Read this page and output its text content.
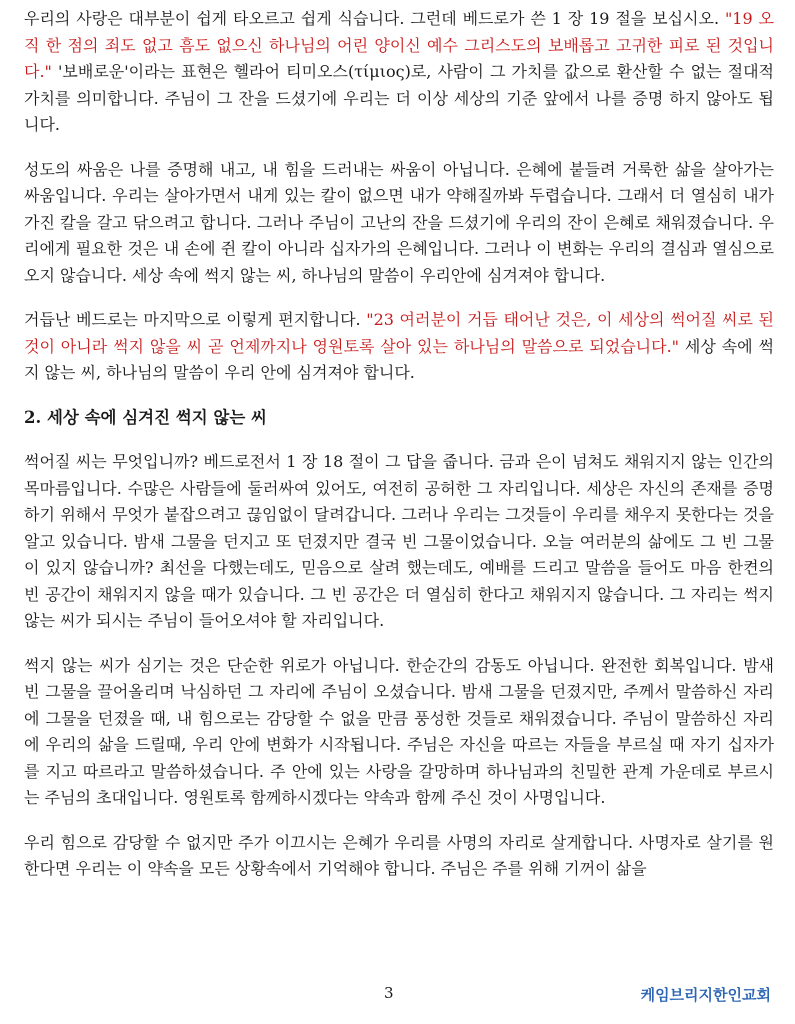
우리의 사랑은 대부분이 쉽게 타오르고 쉽게 식습니다. 그런데 베드로가 쓴 1 장 19 절을 보십시오. "19 오직 한 점의 죄도 없고 흠도 없으신 하나님의 어린 양이신 예수 그리스도의 보배롭고 고귀한 피로 된 것입니다." '보배로운'이라는 표현은 헬라어 티미오스(τίμιος)로, 사람이 그 가치를 값으로 환산할 수 없는 절대적 가치를 의미합니다. 주님이 그 잔을 드셨기에 우리는 더 이상 세상의 기준 앞에서 나를 증명 하지 않아도 됩니다.

성도의 싸움은 나를 증명해 내고, 내 힘을 드러내는 싸움이 아닙니다. 은혜에 붙들려 거룩한 삶을 살아가는 싸움입니다. 우리는 살아가면서 내게 있는 칼이 없으면 내가 약해질까봐 두렵습니다. 그래서 더 열심히 내가 가진 칼을 갈고 닦으려고 합니다. 그러나 주님이 고난의 잔을 드셨기에 우리의 잔이 은혜로 채워졌습니다. 우리에게 필요한 것은 내 손에 쥔 칼이 아니라 십자가의 은혜입니다. 그러나 이 변화는 우리의 결심과 열심으로 오지 않습니다. 세상 속에 썩지 않는 씨, 하나님의 말씀이 우리안에 심겨져야 합니다.

거듭난 베드로는 마지막으로 이렇게 편지합니다. "23 여러분이 거듭 태어난 것은, 이 세상의 썩어질 씨로 된 것이 아니라 썩지 않을 씨 곧 언제까지나 영원토록 살아 있는 하나님의 말씀으로 되었습니다." 세상 속에 썩지 않는 씨, 하나님의 말씀이 우리 안에 심겨져야 합니다.

2. 세상 속에 심겨진 썩지 않는 씨

썩어질 씨는 무엇입니까? 베드로전서 1 장 18 절이 그 답을 줍니다. 금과 은이 넘쳐도 채워지지 않는 인간의 목마름입니다. 수많은 사람들에 둘러싸여 있어도, 여전히 공허한 그 자리입니다. 세상은 자신의 존재를 증명하기 위해서 무엇가 붙잡으려고 끊임없이 달려갑니다. 그러나 우리는 그것들이 우리를 채우지 못한다는 것을 알고 있습니다. 밤새 그물을 던지고 또 던졌지만 결국 빈 그물이었습니다. 오늘 여러분의 삶에도 그 빈 그물이 있지 않습니까? 최선을 다했는데도, 믿음으로 살려 했는데도, 예배를 드리고 말씀을 들어도 마음 한켠의 빈 공간이 채워지지 않을 때가 있습니다. 그 빈 공간은 더 열심히 한다고 채워지지 않습니다. 그 자리는 썩지 않는 씨가 되시는 주님이 들어오셔야 할 자리입니다.

썩지 않는 씨가 심기는 것은 단순한 위로가 아닙니다. 한순간의 감동도 아닙니다. 완전한 회복입니다. 밤새 빈 그물을 끌어올리며 낙심하던 그 자리에 주님이 오셨습니다. 밤새 그물을 던졌지만, 주께서 말씀하신 자리에 그물을 던졌을 때, 내 힘으로는 감당할 수 없을 만큼 풍성한 것들로 채워졌습니다. 주님이 말씀하신 자리에 우리의 삶을 드릴때, 우리 안에 변화가 시작됩니다. 주님은 자신을 따르는 자들을 부르실 때 자기 십자가를 지고 따르라고 말씀하셨습니다. 주 안에 있는 사랑을 갈망하며 하나님과의 친밀한 관계 가운데로 부르시는 주님의 초대입니다. 영원토록 함께하시겠다는 약속과 함께 주신 것이 사명입니다.

우리 힘으로 감당할 수 없지만 주가 이끄시는 은혜가 우리를 사명의 자리로 살게합니다. 사명자로 살기를 원한다면 우리는 이 약속을 모든 상황속에서 기억해야 합니다. 주님은 주를 위해 기꺼이 삶을

3	케임브리지한인교회
